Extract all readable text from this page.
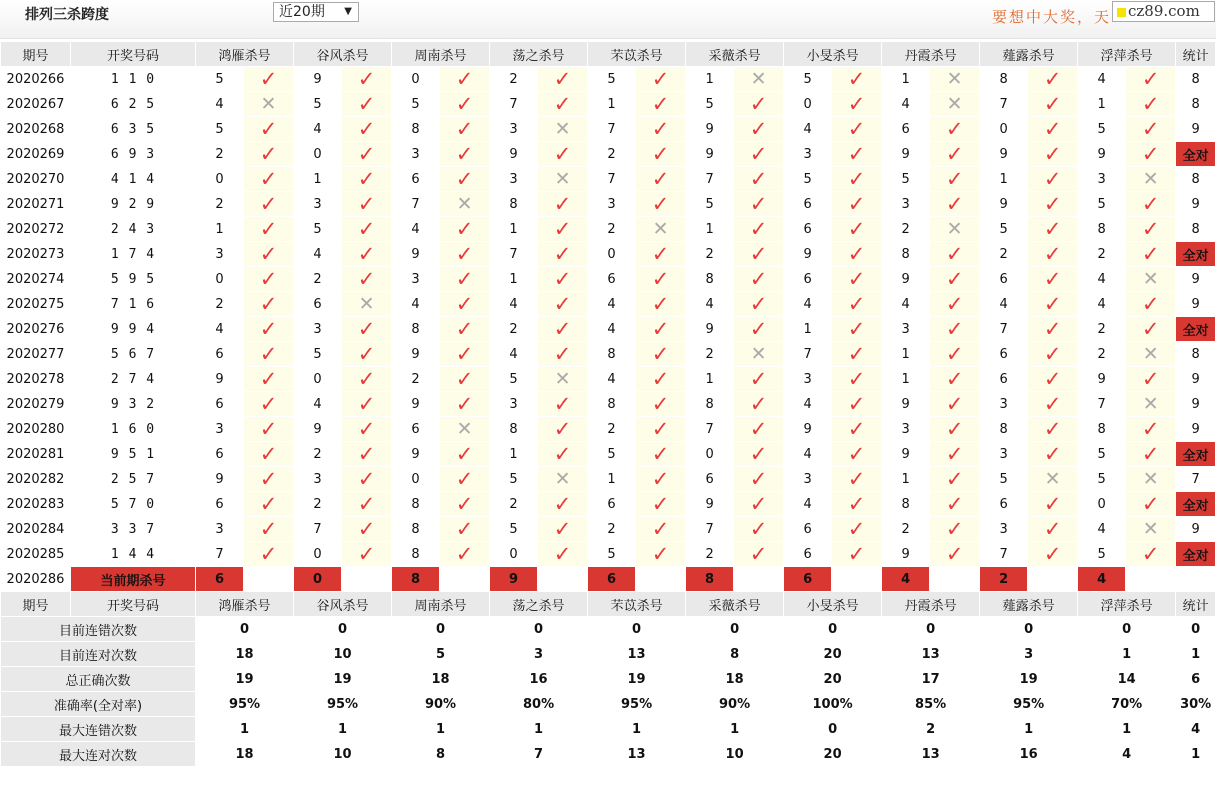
排列三杀跨度	近20期 ▼	要想中大奖，天	cz89.com
期号	开奖号码	鸿雁杀号		谷风杀号		周南杀号		荡之杀号		芣苡杀号		采薇杀号		小旻杀号		丹霞杀号		薤露杀号		浮萍杀号		统计
2020266	1 1 0	5	✓	9	✓	0	✓	2	✓	5	✓	1	✕	5	✓	1	✕	8	✓	4	✓	8
2020267	6 2 5	4	✕	5	✓	5	✓	7	✓	1	✓	5	✓	0	✓	4	✕	7	✓	1	✓	8
2020268	6 3 5	5	✓	4	✓	8	✓	3	✕	7	✓	9	✓	4	✓	6	✓	0	✓	5	✓	9
2020269	6 9 3	2	✓	0	✓	3	✓	9	✓	2	✓	9	✓	3	✓	9	✓	9	✓	9	✓	全对
2020270	4 1 4	0	✓	1	✓	6	✓	3	✕	7	✓	7	✓	5	✓	5	✓	1	✓	3	✕	8
2020271	9 2 9	2	✓	3	✓	7	✕	8	✓	3	✓	5	✓	6	✓	3	✓	9	✓	5	✓	9
2020272	2 4 3	1	✓	5	✓	4	✓	1	✓	2	✕	1	✓	6	✓	2	✕	5	✓	8	✓	8
2020273	1 7 4	3	✓	4	✓	9	✓	7	✓	0	✓	2	✓	9	✓	8	✓	2	✓	2	✓	全对
2020274	5 9 5	0	✓	2	✓	3	✓	1	✓	6	✓	8	✓	6	✓	9	✓	6	✓	4	✕	9
2020275	7 1 6	2	✓	6	✕	4	✓	4	✓	4	✓	4	✓	4	✓	4	✓	4	✓	4	✓	9
2020276	9 9 4	4	✓	3	✓	8	✓	2	✓	4	✓	9	✓	1	✓	3	✓	7	✓	2	✓	全对
2020277	5 6 7	6	✓	5	✓	9	✓	4	✓	8	✓	2	✕	7	✓	1	✓	6	✓	2	✕	8
2020278	2 7 4	9	✓	0	✓	2	✓	5	✕	4	✓	1	✓	3	✓	1	✓	6	✓	9	✓	9
2020279	9 3 2	6	✓	4	✓	9	✓	3	✓	8	✓	8	✓	4	✓	9	✓	3	✓	7	✕	9
2020280	1 6 0	3	✓	9	✓	6	✕	8	✓	2	✓	7	✓	9	✓	3	✓	8	✓	8	✓	9
2020281	9 5 1	6	✓	2	✓	9	✓	1	✓	5	✓	0	✓	4	✓	9	✓	3	✓	5	✓	全对
2020282	2 5 7	9	✓	3	✓	0	✓	5	✕	1	✓	6	✓	3	✓	1	✓	5	✕	5	✕	7
2020283	5 7 0	6	✓	2	✓	8	✓	2	✓	6	✓	9	✓	4	✓	8	✓	6	✓	0	✓	全对
2020284	3 3 7	3	✓	7	✓	8	✓	5	✓	2	✓	7	✓	6	✓	2	✓	3	✓	4	✕	9
2020285	1 4 4	7	✓	0	✓	8	✓	0	✓	5	✓	2	✓	6	✓	9	✓	7	✓	5	✓	全对
2020286	当前期杀号	6		0		8		9		6		8		6		4		2		4		
期号	开奖号码	鸿雁杀号		谷风杀号		周南杀号		荡之杀号		芣苡杀号		采薇杀号		小旻杀号		丹霞杀号		薤露杀号		浮萍杀号		统计
目前连错次数		0		0		0		0		0		0		0		0		0		0		0
目前连对次数		18		10		5		3		13		8		20		13		3		1		1
总正确次数		19		19		18		16		19		18		20		17		19		14		6
准确率(全对率)		95%		95%		90%		80%		95%		90%		100%		85%		95%		70%		30%
最大连错次数		1		1		1		1		1		1		0		2		1		1		4
最大连对次数		18		10		8		7		13		10		20		13		16		4		1
